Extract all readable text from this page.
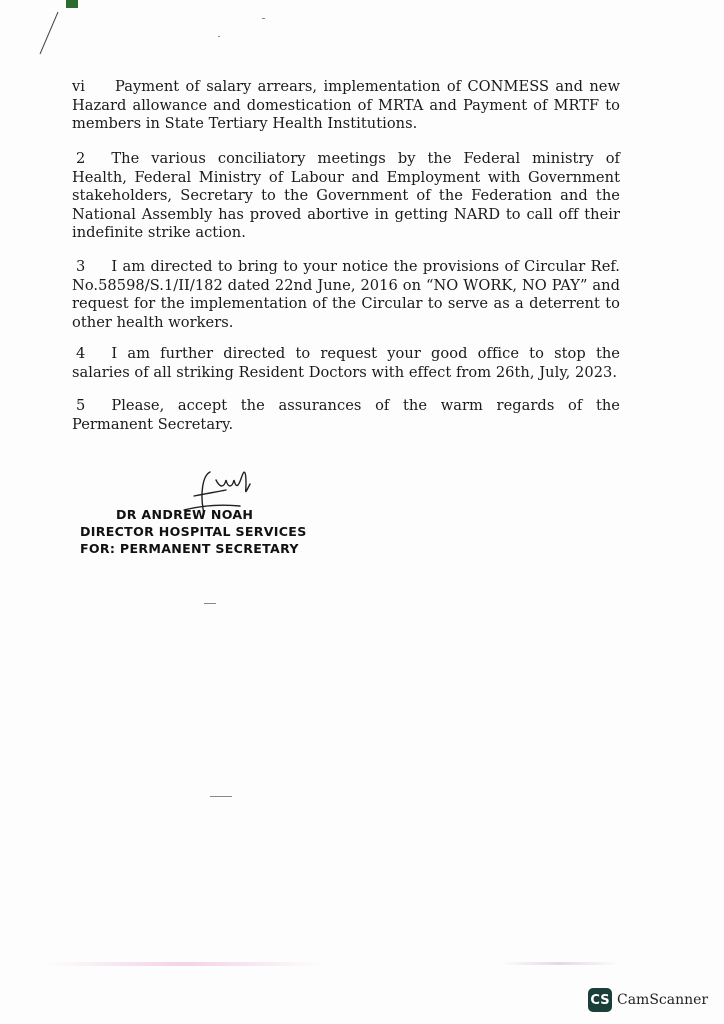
vi Payment of salary arrears, implementation of CONMESS and new Hazard allowance and domestication of MRTA and Payment of MRTF to members in State Tertiary Health Institutions.
2 The various conciliatory meetings by the Federal ministry of Health, Federal Ministry of Labour and Employment with Government stakeholders, Secretary to the Government of the Federation and the National Assembly has proved abortive in getting NARD to call off their indefinite strike action.
3 I am directed to bring to your notice the provisions of Circular Ref. No.58598/S.1/II/182 dated 22nd June, 2016 on “NO WORK, NO PAY” and request for the implementation of the Circular to serve as a deterrent to other health workers.
4 I am further directed to request your good office to stop the salaries of all striking Resident Doctors with effect from 26th, July, 2023.
5 Please, accept the assurances of the warm regards of the Permanent Secretary.
DR ANDREW NOAH
DIRECTOR HOSPITAL SERVICES
FOR: PERMANENT SECRETARY
CS CamScanner
